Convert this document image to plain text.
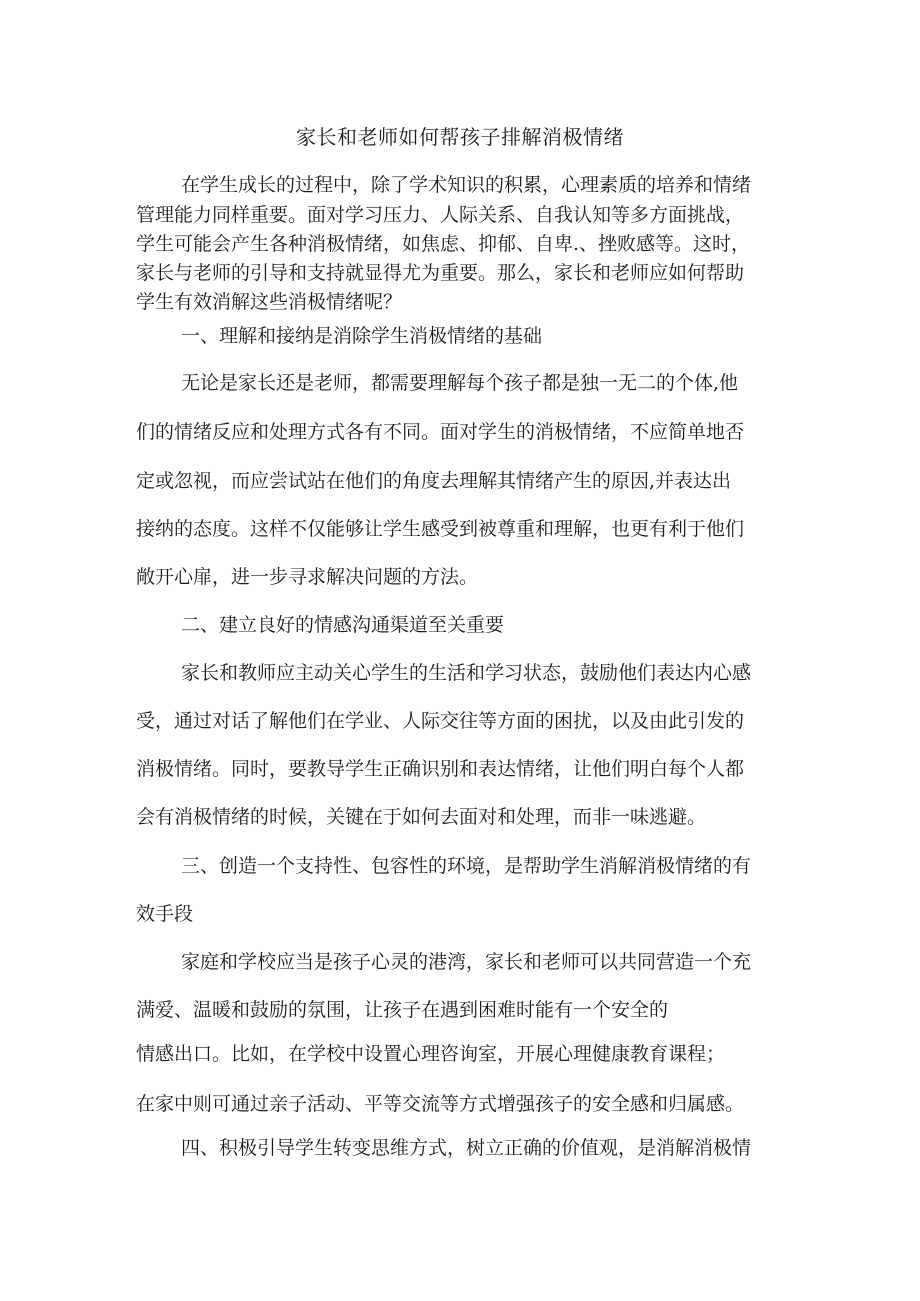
家长和老师如何帮孩子排解消极情绪
在学生成长的过程中，除了学术知识的积累，心理素质的培养和情绪
管理能力同样重要。面对学习压力、人际关系、自我认知等多方面挑战，
学生可能会产生各种消极情绪，如焦虑、抑郁、自卑.、挫败感等。这时，
家长与老师的引导和支持就显得尤为重要。那么，家长和老师应如何帮助
学生有效消解这些消极情绪呢？
一、理解和接纳是消除学生消极情绪的基础
无论是家长还是老师，都需要理解每个孩子都是独一无二的个体,他
们的情绪反应和处理方式各有不同。面对学生的消极情绪，不应简单地否
定或忽视，而应尝试站在他们的角度去理解其情绪产生的原因,并表达出
接纳的态度。这样不仅能够让学生感受到被尊重和理解，也更有利于他们
敞开心扉，进一步寻求解决问题的方法。
二、建立良好的情感沟通渠道至关重要
家长和教师应主动关心学生的生活和学习状态，鼓励他们表达内心感
受，通过对话了解他们在学业、人际交往等方面的困扰，以及由此引发的
消极情绪。同时，要教导学生正确识别和表达情绪，让他们明白每个人都
会有消极情绪的时候，关键在于如何去面对和处理，而非一味逃避。
三、创造一个支持性、包容性的环境，是帮助学生消解消极情绪的有
效手段
家庭和学校应当是孩子心灵的港湾，家长和老师可以共同营造一个充
满爱、温暖和鼓励的氛围，让孩子在遇到困难时能有一个安全的
情感出口。比如，在学校中设置心理咨询室，开展心理健康教育课程；
在家中则可通过亲子活动、平等交流等方式增强孩子的安全感和归属感。
四、积极引导学生转变思维方式，树立正确的价值观，是消解消极情
